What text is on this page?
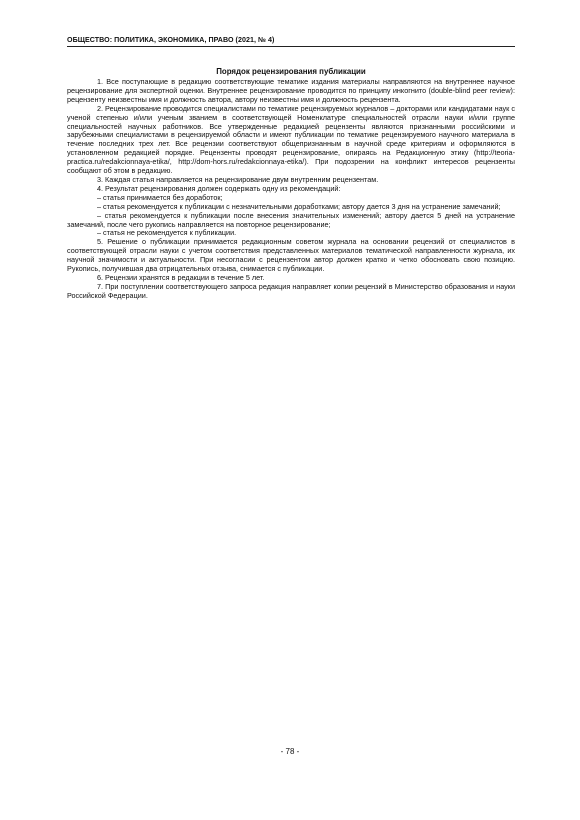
ОБЩЕСТВО: ПОЛИТИКА, ЭКОНОМИКА, ПРАВО (2021, № 4)
Порядок рецензирования публикации

1. Все поступающие в редакцию соответствующие тематике издания материалы направляются на внутреннее научное рецензирование для экспертной оценки. Внутреннее рецензирование проводится по принципу инкогнито (double-blind peer review): рецензенту неизвестны имя и должность автора, автору неизвестны имя и должность рецензента.

2. Рецензирование проводится специалистами по тематике рецензируемых журналов – докторами или кандидатами наук с ученой степенью и/или ученым званием в соответствующей Номенклатуре специальностей отрасли науки и/или группе специальностей научных работников. Все утвержденные редакцией рецензенты являются признанными российскими и зарубежными специалистами в рецензируемой области и имеют публикации по тематике рецензируемого научного материала в течение последних трех лет. Все рецензии соответствуют общепризнанным в научной среде критериям и оформляются в установленном редакцией порядке. Рецензенты проводят рецензирование, опираясь на Редакционную этику (http://teoria-practica.ru/redakcionnaya-etika/, http://dom-hors.ru/redakcionnaya-etika/). При подозрении на конфликт интересов рецензенты сообщают об этом в редакцию.

3. Каждая статья направляется на рецензирование двум внутренним рецензентам.

4. Результат рецензирования должен содержать одну из рекомендаций:

– статья принимается без доработок;

– статья рекомендуется к публикации с незначительными доработками; автору дается 3 дня на устранение замечаний;

– статья рекомендуется к публикации после внесения значительных изменений; автору дается 5 дней на устранение замечаний, после чего рукопись направляется на повторное рецензирование;

– статья не рекомендуется к публикации.

5. Решение о публикации принимается редакционным советом журнала на основании рецензий от специалистов в соответствующей отрасли науки с учетом соответствия представленных материалов тематической направленности журнала, их научной значимости и актуальности. При несогласии с рецензентом автор должен кратко и четко обосновать свою позицию. Рукопись, получившая два отрицательных отзыва, снимается с публикации.

6. Рецензии хранятся в редакции в течение 5 лет.

7. При поступлении соответствующего запроса редакция направляет копии рецензий в Министерство образования и науки Российской Федерации.

- 78 -
